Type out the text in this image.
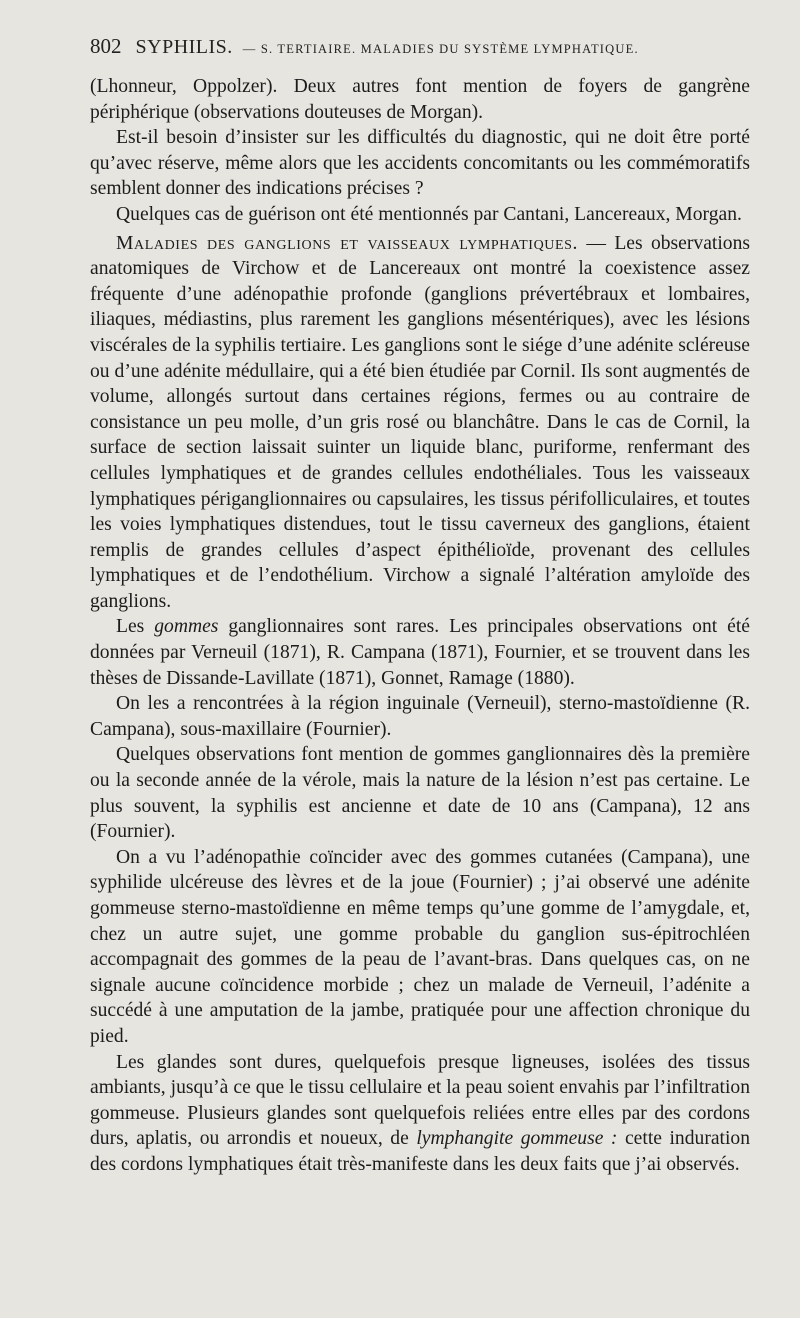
802 SYPHILIS. — S. TERTIAIRE. MALADIES DU SYSTÈME LYMPHATIQUE.

(Lhonneur, Oppolzer). Deux autres font mention de foyers de gangrène périphérique (observations douteuses de Morgan).

Est-il besoin d’insister sur les difficultés du diagnostic, qui ne doit être porté qu’avec réserve, même alors que les accidents concomitants ou les commémoratifs semblent donner des indications précises ?

Quelques cas de guérison ont été mentionnés par Cantani, Lancereaux, Morgan.

Maladies des ganglions et vaisseaux lymphatiques. — Les observations anatomiques de Virchow et de Lancereaux ont montré la coexistence assez fréquente d’une adénopathie profonde (ganglions prévertébraux et lombaires, iliaques, médiastins, plus rarement les ganglions mésentériques), avec les lésions viscérales de la syphilis tertiaire. Les ganglions sont le siége d’une adénite scléreuse ou d’une adénite médullaire, qui a été bien étudiée par Cornil. Ils sont augmentés de volume, allongés surtout dans certaines régions, fermes ou au contraire de consistance un peu molle, d’un gris rosé ou blanchâtre. Dans le cas de Cornil, la surface de section laissait suinter un liquide blanc, puriforme, renfermant des cellules lymphatiques et de grandes cellules endothéliales. Tous les vaisseaux lymphatiques périganglionnaires ou capsulaires, les tissus périfolliculaires, et toutes les voies lymphatiques distendues, tout le tissu caverneux des ganglions, étaient remplis de grandes cellules d’aspect épithélioïde, provenant des cellules lymphatiques et de l’endothélium. Virchow a signalé l’altération amyloïde des ganglions.

Les gommes ganglionnaires sont rares. Les principales observations ont été données par Verneuil (1871), R. Campana (1871), Fournier, et se trouvent dans les thèses de Dissande-Lavillate (1871), Gonnet, Ramage (1880).

On les a rencontrées à la région inguinale (Verneuil), sterno-mastoïdienne (R. Campana), sous-maxillaire (Fournier).

Quelques observations font mention de gommes ganglionnaires dès la première ou la seconde année de la vérole, mais la nature de la lésion n’est pas certaine. Le plus souvent, la syphilis est ancienne et date de 10 ans (Campana), 12 ans (Fournier).

On a vu l’adénopathie coïncider avec des gommes cutanées (Campana), une syphilide ulcéreuse des lèvres et de la joue (Fournier) ; j’ai observé une adénite gommeuse sterno-mastoïdienne en même temps qu’une gomme de l’amygdale, et, chez un autre sujet, une gomme probable du ganglion sus-épitrochléen accompagnait des gommes de la peau de l’avant-bras. Dans quelques cas, on ne signale aucune coïncidence morbide ; chez un malade de Verneuil, l’adénite a succédé à une amputation de la jambe, pratiquée pour une affection chronique du pied.

Les glandes sont dures, quelquefois presque ligneuses, isolées des tissus ambiants, jusqu’à ce que le tissu cellulaire et la peau soient envahis par l’infiltration gommeuse. Plusieurs glandes sont quelquefois reliées entre elles par des cordons durs, aplatis, ou arrondis et noueux, de lymphangite gommeuse : cette induration des cordons lymphatiques était très-manifeste dans les deux faits que j’ai observés.
